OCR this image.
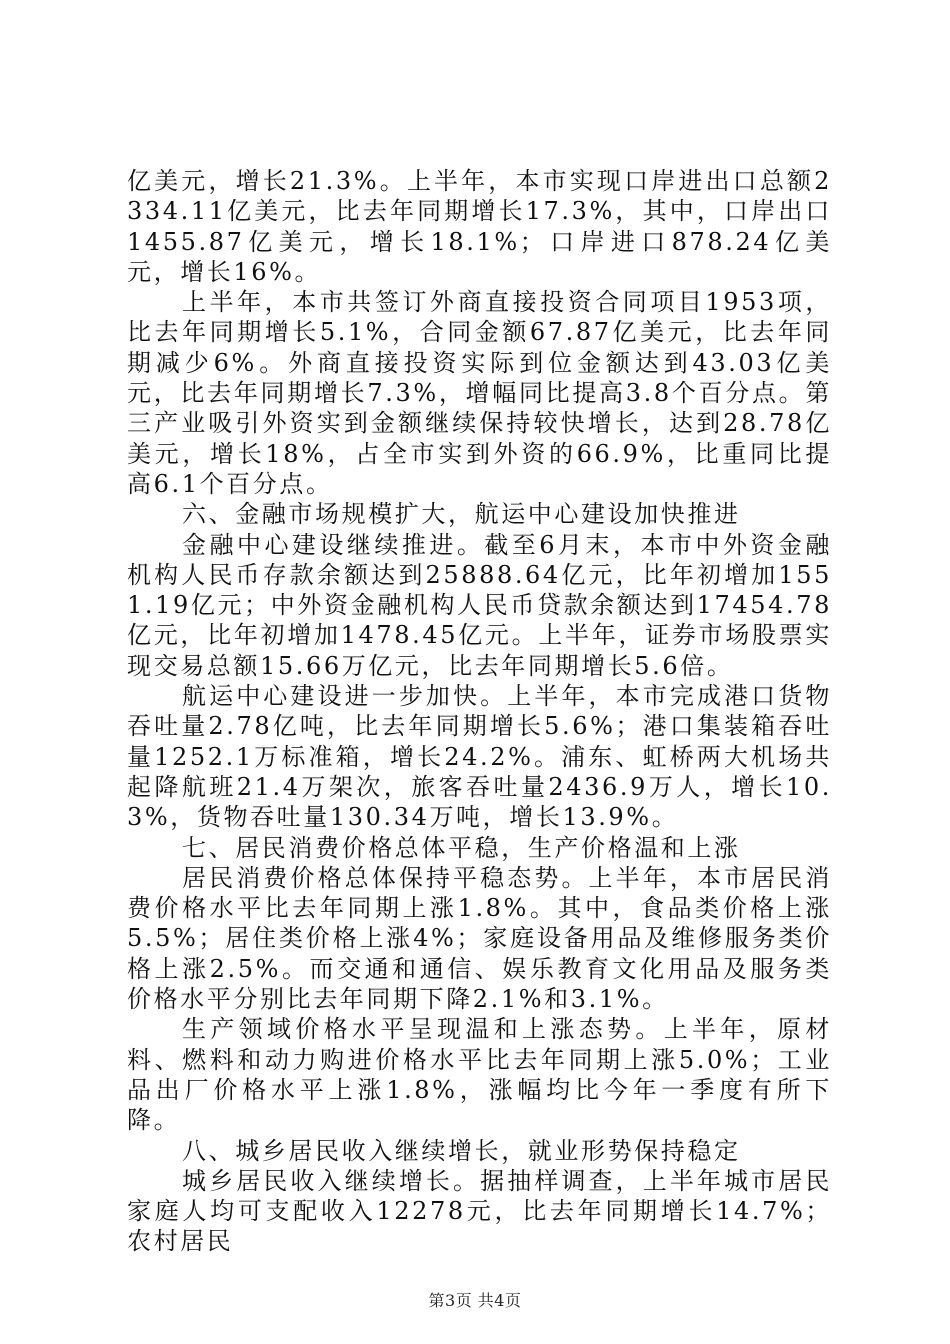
亿美元，增长21.3%。上半年，本市实现口岸进出口总额2334.11亿美元，比去年同期增长17.3%，其中，口岸出口1455.87亿美元，增长18.1%；口岸进口878.24亿美元，增长16%。

上半年，本市共签订外商直接投资合同项目1953项，比去年同期增长5.1%，合同金额67.87亿美元，比去年同期减少6%。外商直接投资实际到位金额达到43.03亿美元，比去年同期增长7.3%，增幅同比提高3.8个百分点。第三产业吸引外资实到金额继续保持较快增长，达到28.78亿美元，增长18%，占全市实到外资的66.9%，比重同比提高6.1个百分点。

六、金融市场规模扩大，航运中心建设加快推进

金融中心建设继续推进。截至6月末，本市中外资金融机构人民币存款余额达到25888.64亿元，比年初增加1551.19亿元；中外资金融机构人民币贷款余额达到17454.78亿元，比年初增加1478.45亿元。上半年，证券市场股票实现交易总额15.66万亿元，比去年同期增长5.6倍。

航运中心建设进一步加快。上半年，本市完成港口货物吞吐量2.78亿吨，比去年同期增长5.6%；港口集装箱吞吐量1252.1万标准箱，增长24.2%。浦东、虹桥两大机场共起降航班21.4万架次，旅客吞吐量2436.9万人，增长10.3%，货物吞吐量130.34万吨，增长13.9%。

七、居民消费价格总体平稳，生产价格温和上涨

居民消费价格总体保持平稳态势。上半年，本市居民消费价格水平比去年同期上涨1.8%。其中，食品类价格上涨5.5%；居住类价格上涨4%；家庭设备用品及维修服务类价格上涨2.5%。而交通和通信、娱乐教育文化用品及服务类价格水平分别比去年同期下降2.1%和3.1%。

生产领域价格水平呈现温和上涨态势。上半年，原材料、燃料和动力购进价格水平比去年同期上涨5.0%；工业品出厂价格水平上涨1.8%，涨幅均比今年一季度有所下降。

八、城乡居民收入继续增长，就业形势保持稳定

城乡居民收入继续增长。据抽样调查，上半年城市居民家庭人均可支配收入12278元，比去年同期增长14.7%；农村居民

第3页 共4页
